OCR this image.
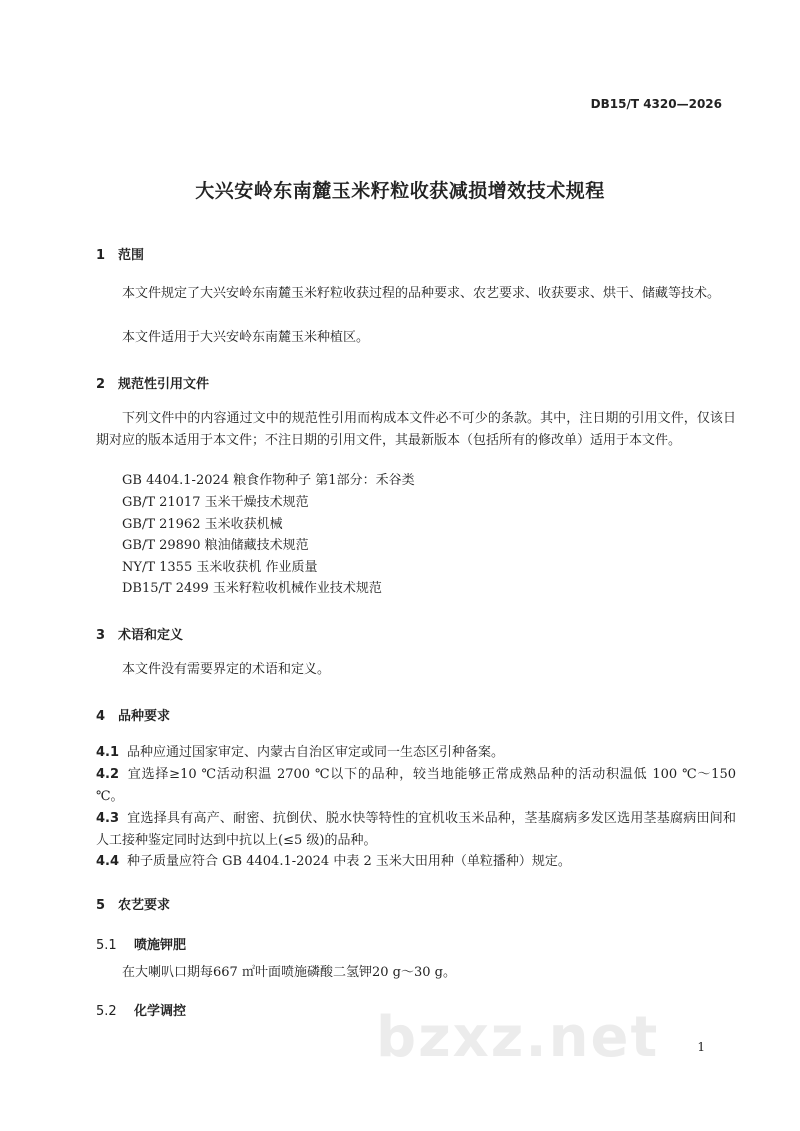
DB15/T 4320—2026
大兴安岭东南麓玉米籽粒收获减损增效技术规程
1 范围

本文件规定了大兴安岭东南麓玉米籽粒收获过程的品种要求、农艺要求、收获要求、烘干、储藏等技术。

本文件适用于大兴安岭东南麓玉米种植区。

2 规范性引用文件

下列文件中的内容通过文中的规范性引用而构成本文件必不可少的条款。其中，注日期的引用文件，仅该日期对应的版本适用于本文件；不注日期的引用文件，其最新版本（包括所有的修改单）适用于本文件。

GB 4404.1-2024 粮食作物种子 第1部分：禾谷类
GB/T 21017 玉米干燥技术规范
GB/T 21962 玉米收获机械
GB/T 29890 粮油储藏技术规范
NY/T 1355 玉米收获机 作业质量
DB15/T 2499 玉米籽粒收机械作业技术规范
3 术语和定义

本文件没有需要界定的术语和定义。

4 品种要求

4.1 品种应通过国家审定、内蒙古自治区审定或同一生态区引种备案。

4.2 宜选择≥10 ℃活动积温 2700 ℃以下的品种，较当地能够正常成熟品种的活动积温低 100 ℃～150 ℃。

4.3 宜选择具有高产、耐密、抗倒伏、脱水快等特性的宜机收玉米品种，茎基腐病多发区选用茎基腐病田间和人工接种鉴定同时达到中抗以上(≤5 级)的品种。

4.4 种子质量应符合 GB 4404.1-2024 中表 2 玉米大田用种（单粒播种）规定。

5 农艺要求
5.1 喷施钾肥

在大喇叭口期每667 ㎡叶面喷施磷酸二氢钾20 g～30 g。

5.2 化学调控	bzxz.net	1
